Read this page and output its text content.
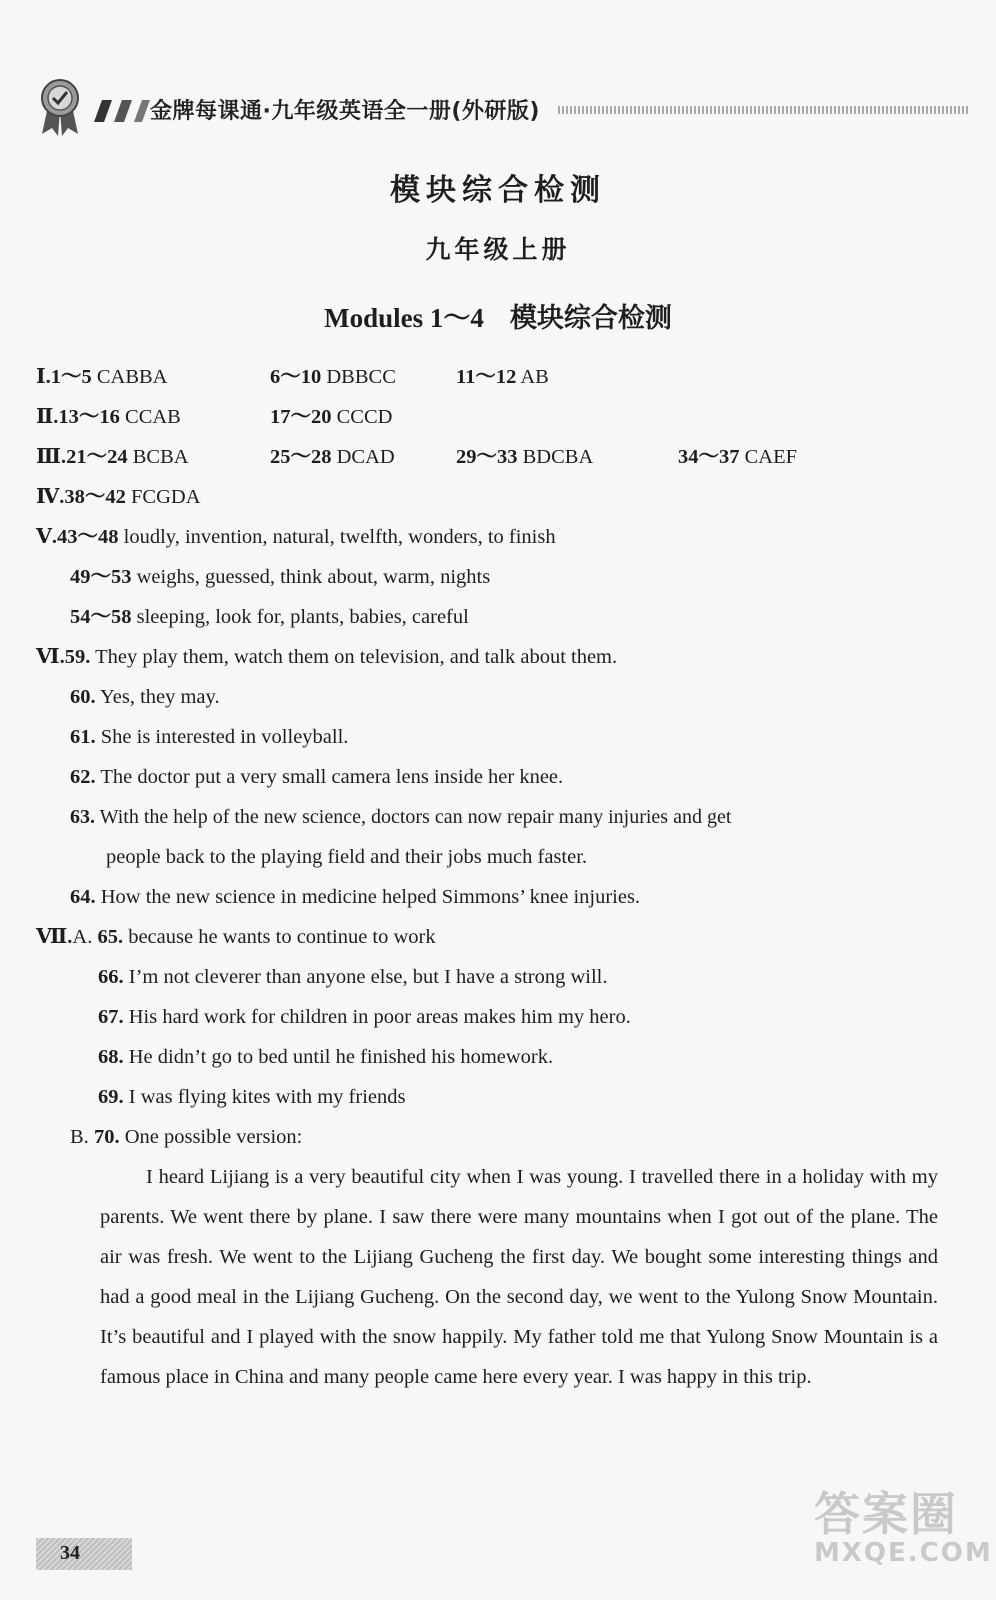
金牌每课通·九年级英语全一册(外研版)
模块综合检测
九年级上册
Modules 1～4 模块综合检测
Ⅰ.1～5 CABBA	6～10 DBBCC	11～12 AB
Ⅱ.13～16 CCAB	17～20 CCCD
Ⅲ.21～24 BCBA	25～28 DCAD	29～33 BDCBA	34～37 CAEF
Ⅳ.38～42 FCGDA
Ⅴ.43～48 loudly, invention, natural, twelfth, wonders, to finish
49～53 weighs, guessed, think about, warm, nights
54～58 sleeping, look for, plants, babies, careful
Ⅵ.59. They play them, watch them on television, and talk about them.
60. Yes, they may.
61. She is interested in volleyball.
62. The doctor put a very small camera lens inside her knee.
63. With the help of the new science, doctors can now repair many injuries and get
people back to the playing field and their jobs much faster.
64. How the new science in medicine helped Simmons’ knee injuries.
Ⅶ.A. 65. because he wants to continue to work
66. I’m not cleverer than anyone else, but I have a strong will.
67. His hard work for children in poor areas makes him my hero.
68. He didn’t go to bed until he finished his homework.
69. I was flying kites with my friends
B. 70. One possible version:
I heard Lijiang is a very beautiful city when I was young. I travelled there in a holiday with my parents. We went there by plane. I saw there were many mountains when I got out of the plane. The air was fresh. We went to the Lijiang Gucheng the first day. We bought some interesting things and had a good meal in the Lijiang Gucheng. On the second day, we went to the Yulong Snow Mountain. It’s beautiful and I played with the snow happily. My father told me that Yulong Snow Mountain is a famous place in China and many people came here every year. I was happy in this trip.
34
答案圈
MXQE.COM
